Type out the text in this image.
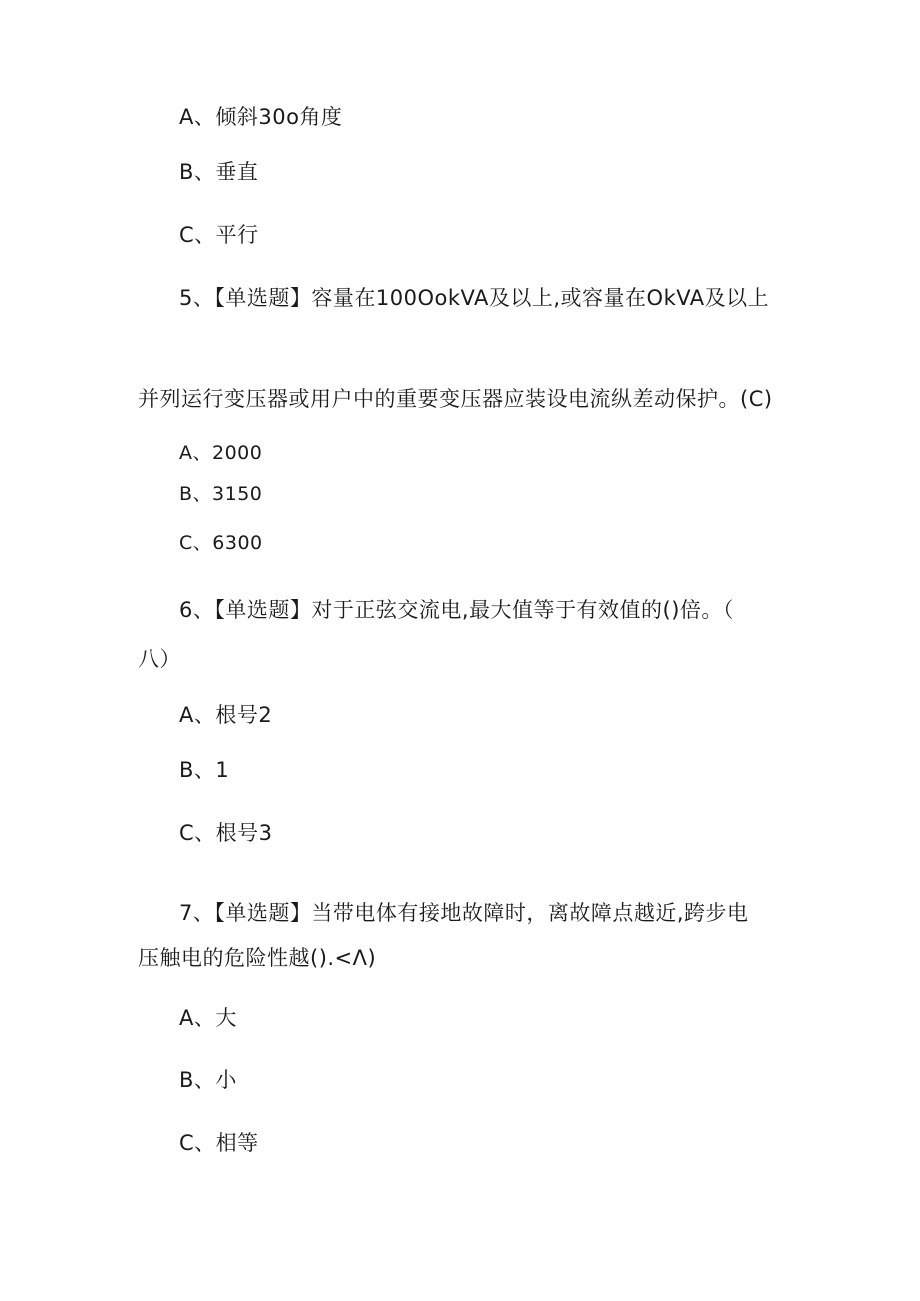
A、倾斜30o角度
B、垂直
C、平行
5、【单选题】容量在100OokVA及以上,或容量在OkVA及以上
并列运行变压器或用户中的重要变压器应装设电流纵差动保护。(C)
A、2000
B、3150
C、6300
6、【单选题】对于正弦交流电,最大值等于有效值的()倍。（
八）
A、根号2
B、1
C、根号3
7、【单选题】当带电体有接地故障时，离故障点越近,跨步电
压触电的危险性越().<Λ)
A、大
B、小
C、相等
